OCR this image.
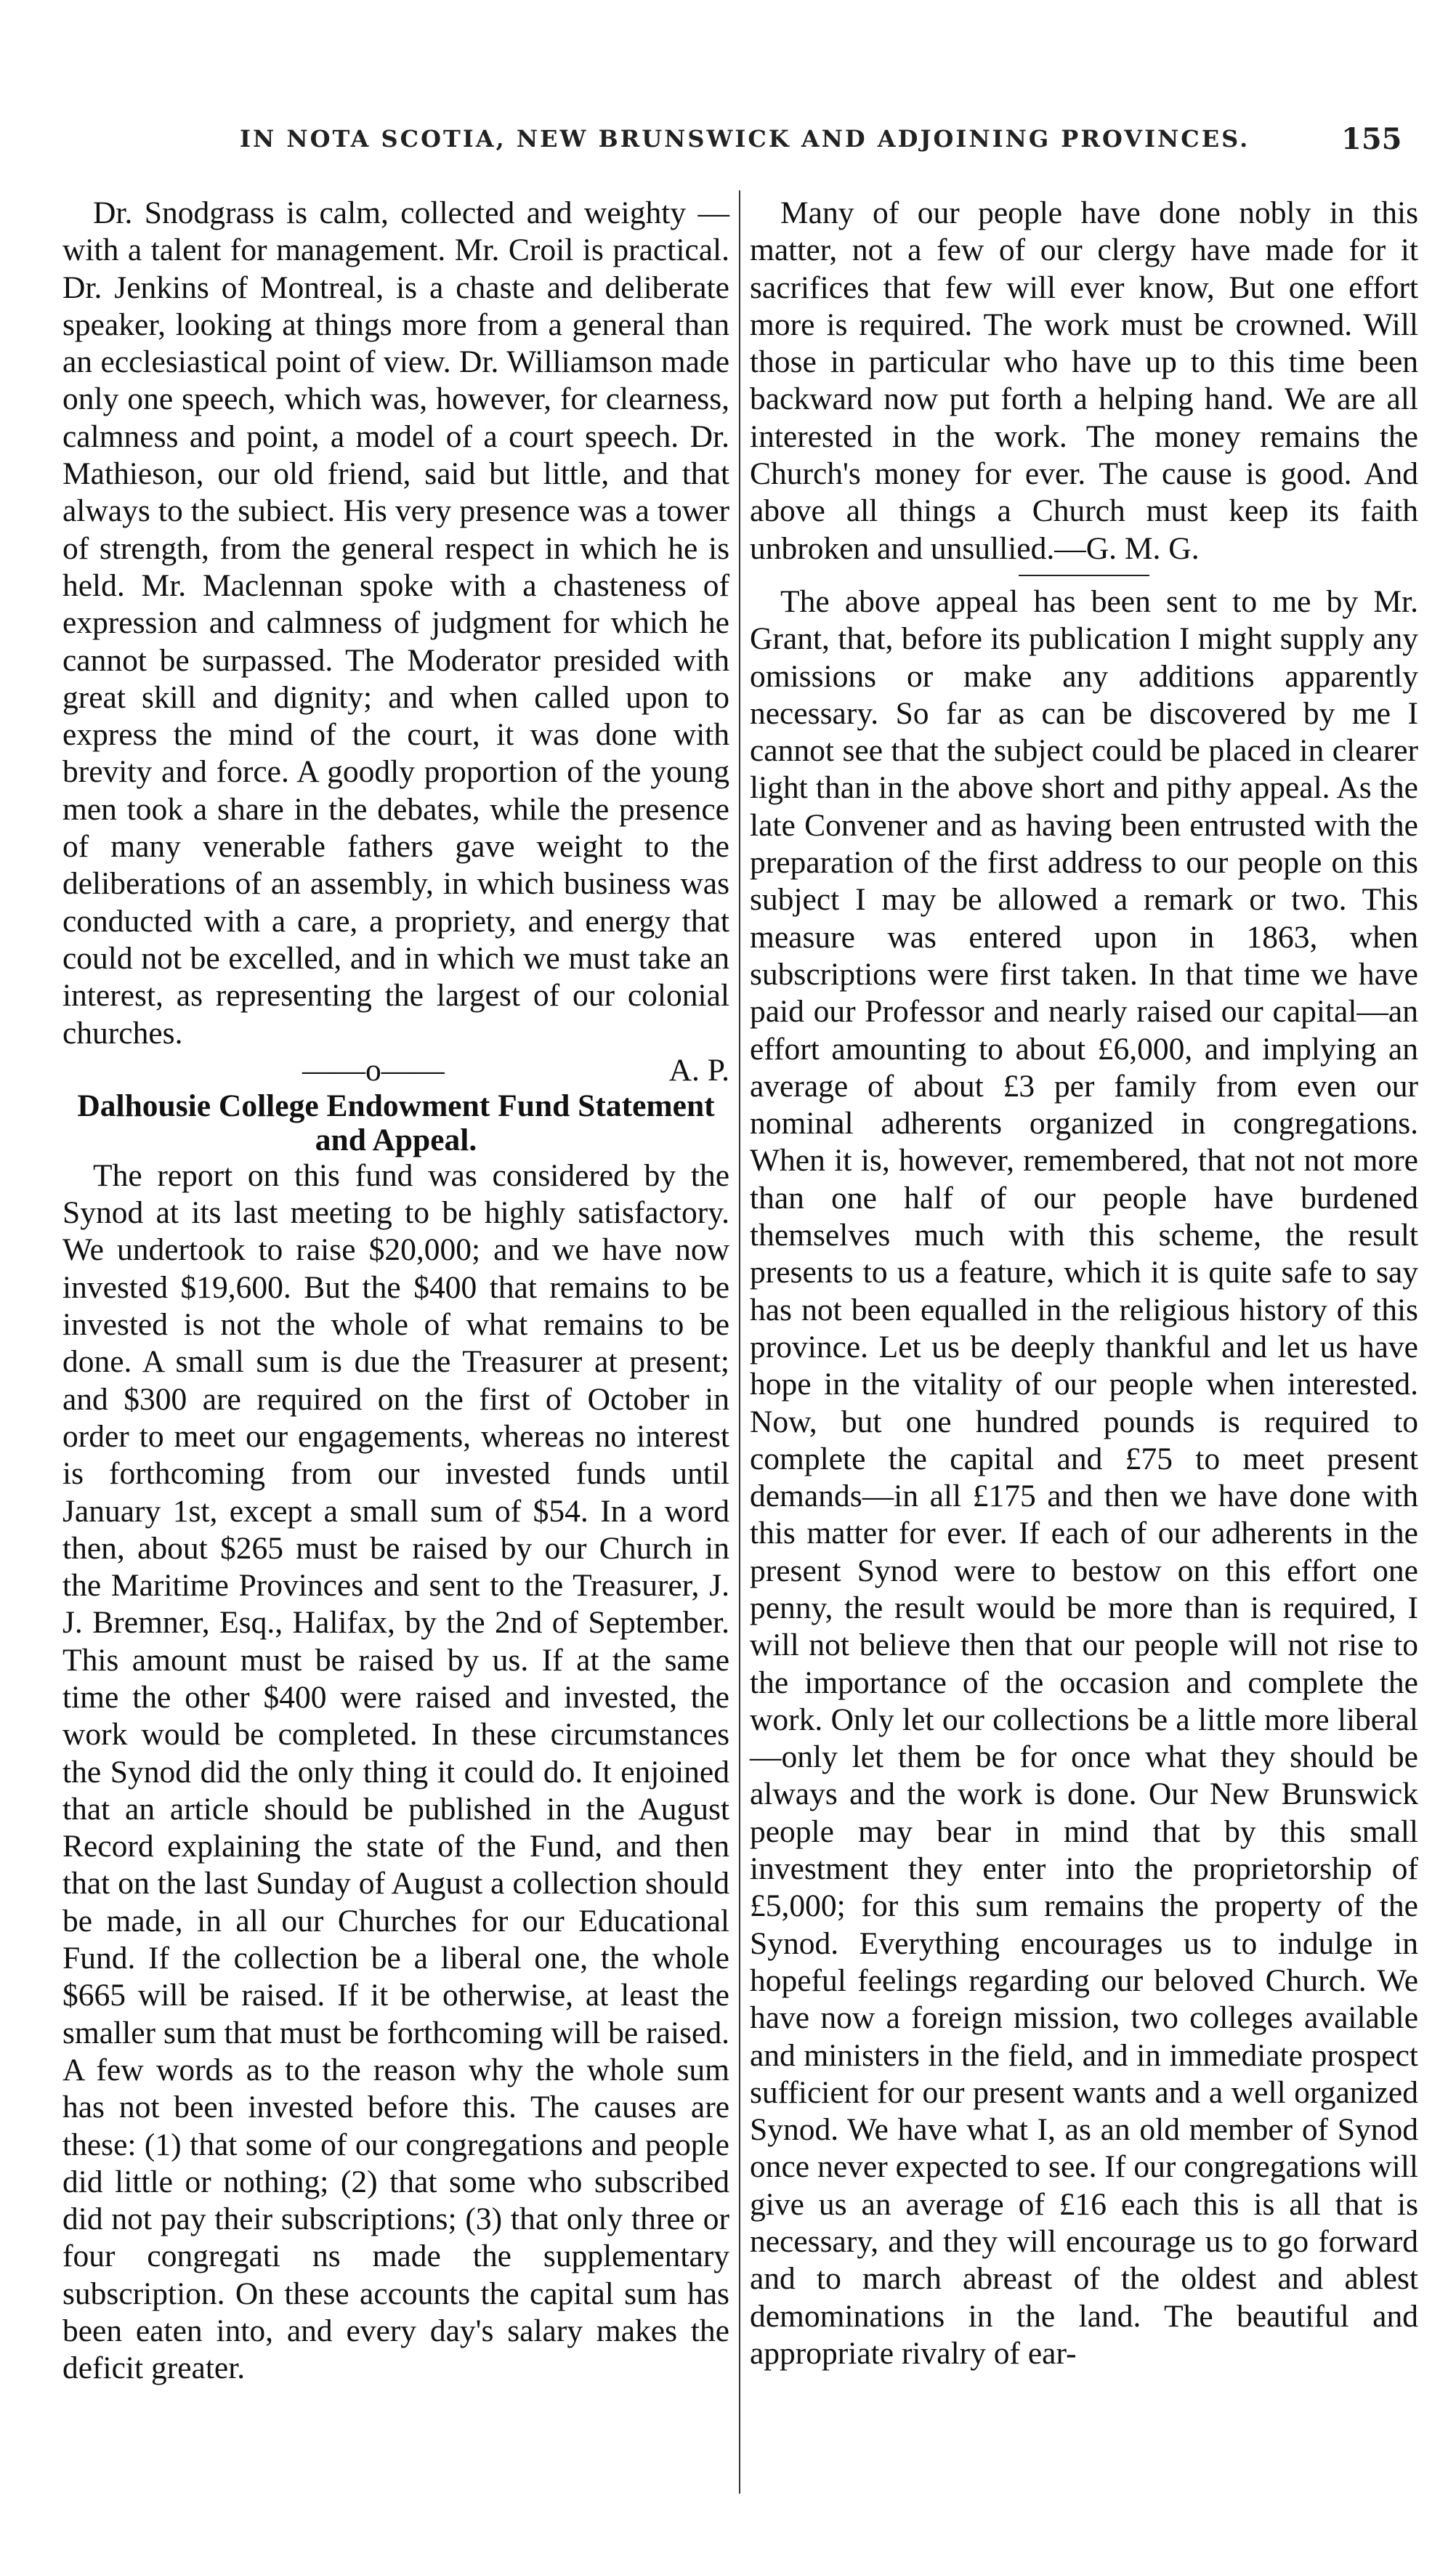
IN NOTA SCOTIA, NEW BRUNSWICK AND ADJOINING PROVINCES.	155

Dr. Snodgrass is calm, collected and weighty —with a talent for management. Mr. Croil is practical. Dr. Jenkins of Montreal, is a chaste and deliberate speaker, looking at things more from a general than an ecclesiastical point of view. Dr. Williamson made only one speech, which was, however, for clearness, calmness and point, a model of a court speech. Dr. Mathieson, our old friend, said but little, and that always to the subiect. His very presence was a tower of strength, from the general respect in which he is held. Mr. Maclennan spoke with a chasteness of expression and calmness of judgment for which he cannot be surpassed. The Moderator presided with great skill and dignity; and when called upon to express the mind of the court, it was done with brevity and force. A goodly proportion of the young men took a share in the debates, while the presence of many venerable fathers gave weight to the deliberations of an assembly, in which business was conducted with a care, a propriety, and energy that could not be excelled, and in which we must take an interest, as representing the largest of our colonial churches.

——o——	A. P.

Dalhousie College Endowment Fund Statement and Appeal.

The report on this fund was considered by the Synod at its last meeting to be highly satisfactory. We undertook to raise $20,000; and we have now invested $19,600. But the $400 that remains to be invested is not the whole of what remains to be done. A small sum is due the Treasurer at present; and $300 are required on the first of October in order to meet our engagements, whereas no interest is forthcoming from our invested funds until January 1st, except a small sum of $54. In a word then, about $265 must be raised by our Church in the Maritime Provinces and sent to the Treasurer, J. J. Bremner, Esq., Halifax, by the 2nd of September. This amount must be raised by us. If at the same time the other $400 were raised and invested, the work would be completed. In these circumstances the Synod did the only thing it could do. It enjoined that an article should be published in the August Record explaining the state of the Fund, and then that on the last Sunday of August a collection should be made, in all our Churches for our Educational Fund. If the collection be a liberal one, the whole $665 will be raised. If it be otherwise, at least the smaller sum that must be forthcoming will be raised. A few words as to the reason why the whole sum has not been invested before this. The causes are these: (1) that some of our congregations and people did little or nothing; (2) that some who subscribed did not pay their subscriptions; (3) that only three or four congregati ns made the supplementary subscription. On these accounts the capital sum has been eaten into, and every day's salary makes the deficit greater.

Many of our people have done nobly in this matter, not a few of our clergy have made for it sacrifices that few will ever know, But one effort more is required. The work must be crowned. Will those in particular who have up to this time been backward now put forth a helping hand. We are all interested in the work. The money remains the Church's money for ever. The cause is good. And above all things a Church must keep its faith unbroken and unsullied.—G. M. G.

The above appeal has been sent to me by Mr. Grant, that, before its publication I might supply any omissions or make any additions apparently necessary. So far as can be discovered by me I cannot see that the subject could be placed in clearer light than in the above short and pithy appeal. As the late Convener and as having been entrusted with the preparation of the first address to our people on this subject I may be allowed a remark or two. This measure was entered upon in 1863, when subscriptions were first taken. In that time we have paid our Professor and nearly raised our capital—an effort amounting to about £6,000, and implying an average of about £3 per family from even our nominal adherents organized in congregations. When it is, however, remembered, that not not more than one half of our people have burdened themselves much with this scheme, the result presents to us a feature, which it is quite safe to say has not been equalled in the religious history of this province. Let us be deeply thankful and let us have hope in the vitality of our people when interested. Now, but one hundred pounds is required to complete the capital and £75 to meet present demands—in all £175 and then we have done with this matter for ever. If each of our adherents in the present Synod were to bestow on this effort one penny, the result would be more than is required, I will not believe then that our people will not rise to the importance of the occasion and complete the work. Only let our collections be a little more liberal—only let them be for once what they should be always and the work is done. Our New Brunswick people may bear in mind that by this small investment they enter into the proprietorship of £5,000; for this sum remains the property of the Synod. Everything encourages us to indulge in hopeful feelings regarding our beloved Church. We have now a foreign mission, two colleges available and ministers in the field, and in immediate prospect sufficient for our present wants and a well organized Synod. We have what I, as an old member of Synod once never expected to see. If our congregations will give us an average of £16 each this is all that is necessary, and they will encourage us to go forward and to march abreast of the oldest and ablest demominations in the land. The beautiful and appropriate rivalry of ear-
